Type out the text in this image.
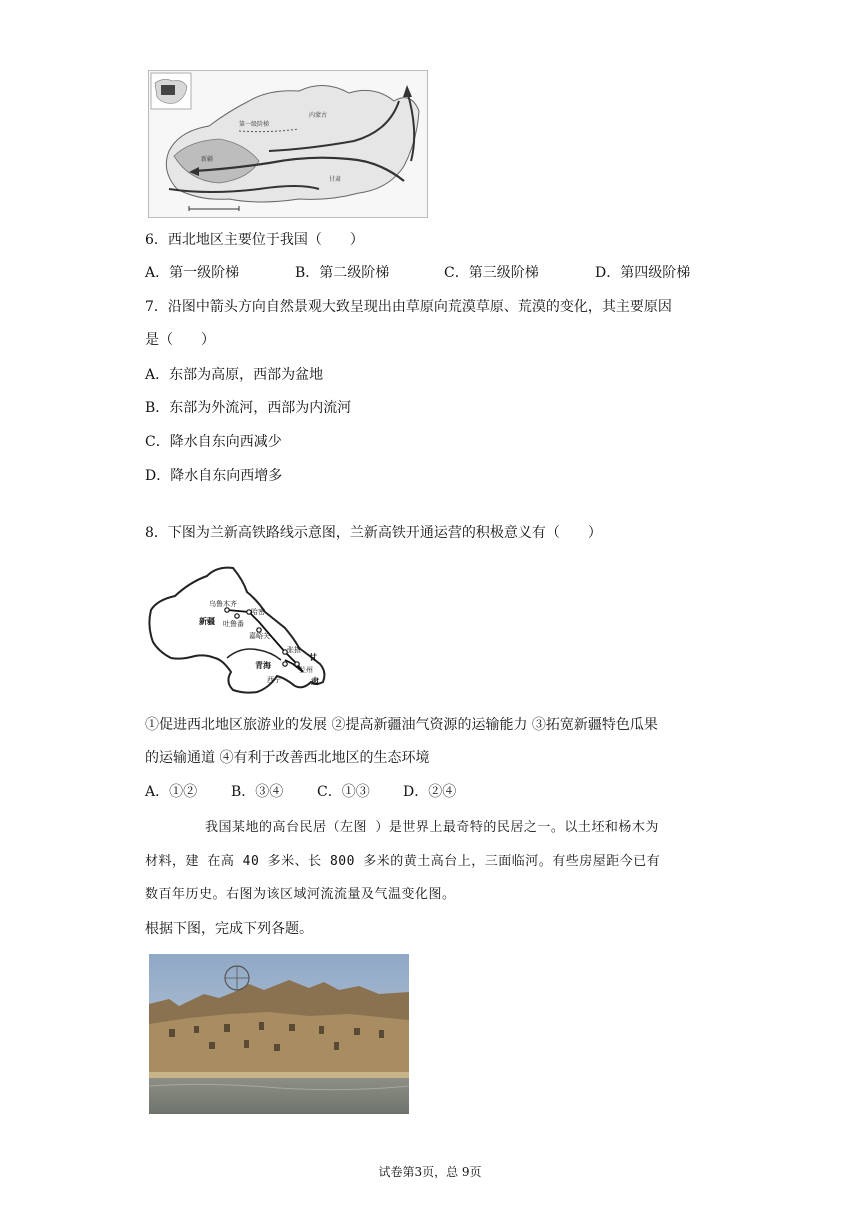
第一级阶梯
甘肃
新疆
内蒙古
6．西北地区主要位于我国（　　）
A．第一级阶梯	B．第二级阶梯	C．第三级阶梯	D．第四级阶梯
7．沿图中箭头方向自然景观大致呈现出由草原向荒漠草原、荒漠的变化，其主要原因
是（　　）
A．东部为高原，西部为盆地
B．东部为外流河，西部为内流河
C．降水自东向西减少
D．降水自东向西增多
8．下图为兰新高铁路线示意图，兰新高铁开通运营的积极意义有（　　）
乌鲁木齐
哈密
吐鲁番
新疆
嘉峪关
张掖
青海
西宁
兰州
甘
肃
①促进西北地区旅游业的发展 ②提高新疆油气资源的运输能力 ③拓宽新疆特色瓜果
的运输通道 ④有利于改善西北地区的生态环境
A．①② B．③④ C．①③ D．②④
我国某地的高台民居（左图 ）是世界上最奇特的民居之一。以土坯和杨木为
材料，建 在高 40 多米、长 800 多米的黄土高台上，三面临河。有些房屋距今已有
数百年历史。右图为该区域河流流量及气温变化图。
根据下图，完成下列各题。
试卷第3页，总 9页
